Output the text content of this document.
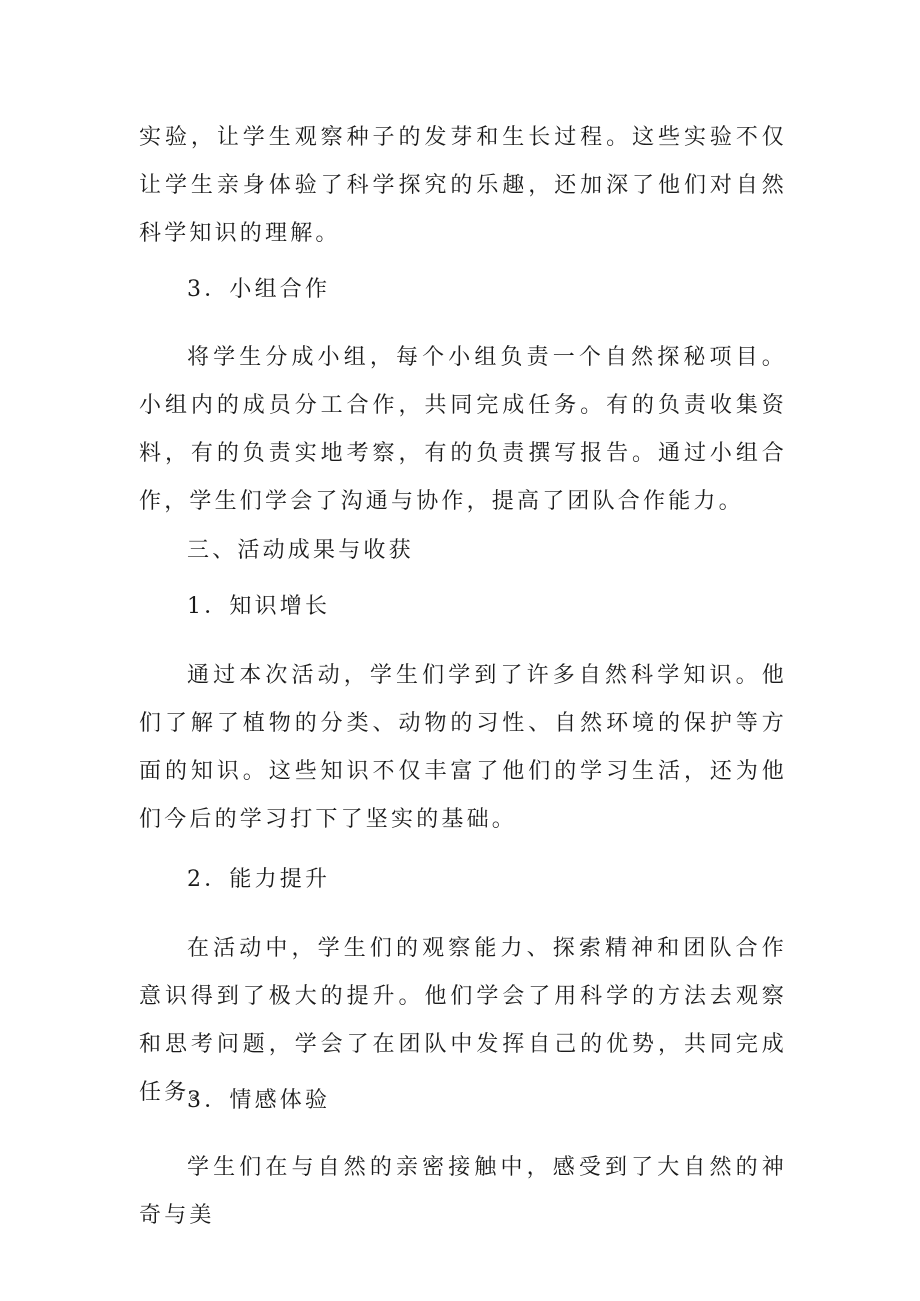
实验，让学生观察种子的发芽和生长过程。这些实验不仅让学生亲身体验了科学探究的乐趣，还加深了他们对自然科学知识的理解。

3．小组合作

将学生分成小组，每个小组负责一个自然探秘项目。小组内的成员分工合作，共同完成任务。有的负责收集资料，有的负责实地考察，有的负责撰写报告。通过小组合作，学生们学会了沟通与协作，提高了团队合作能力。

三、活动成果与收获

1．知识增长

通过本次活动，学生们学到了许多自然科学知识。他们了解了植物的分类、动物的习性、自然环境的保护等方面的知识。这些知识不仅丰富了他们的学习生活，还为他们今后的学习打下了坚实的基础。

2．能力提升

在活动中，学生们的观察能力、探索精神和团队合作意识得到了极大的提升。他们学会了用科学的方法去观察和思考问题，学会了在团队中发挥自己的优势，共同完成任务。

3．情感体验

学生们在与自然的亲密接触中，感受到了大自然的神奇与美
